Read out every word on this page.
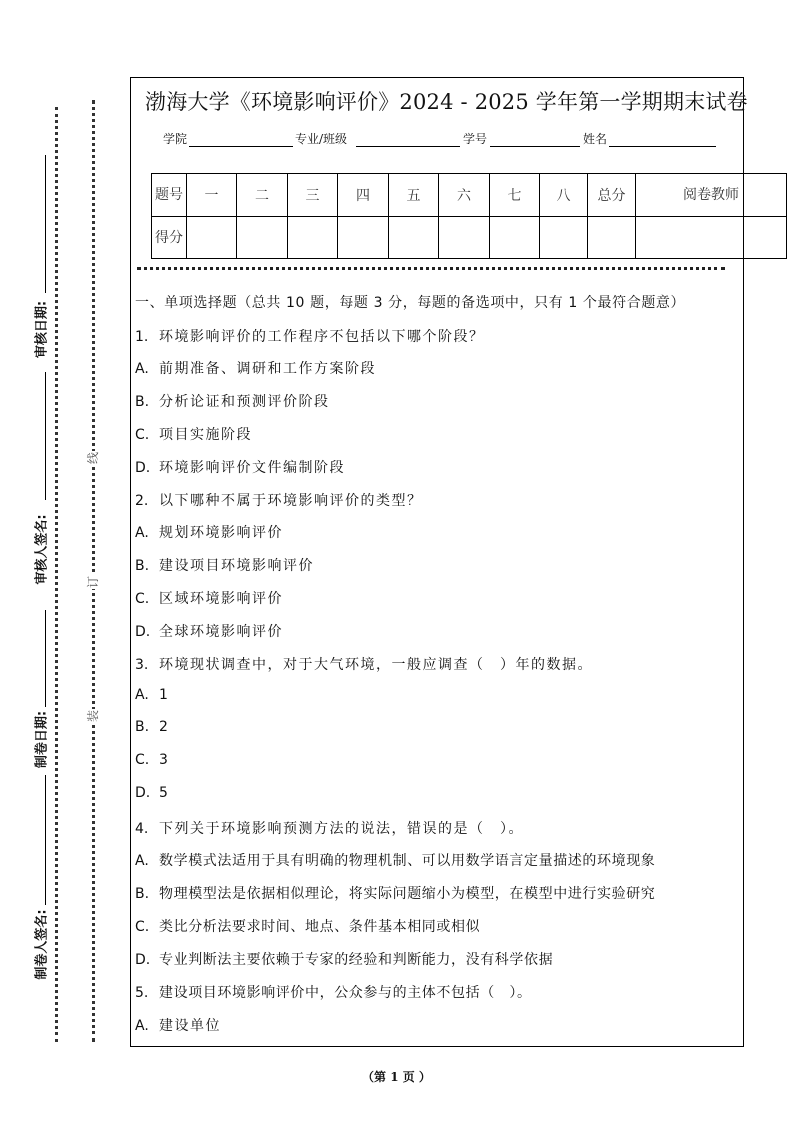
审核日期:
审核人签名:
制卷日期:
制卷人签名:
线
订
装
渤海大学《环境影响评价》2024 - 2025 学年第一学期期末试卷
学院	专业/班级	学号	姓名
题号	一	二	三	四	五	六	七	八	总分	阅卷教师
得分										
一、单项选择题（总共 10 题，每题 3 分，每题的备选项中，只有 1 个最符合题意）
1. 环境影响评价的工作程序不包括以下哪个阶段？
A. 前期准备、调研和工作方案阶段
B. 分析论证和预测评价阶段
C. 项目实施阶段
D. 环境影响评价文件编制阶段
2. 以下哪种不属于环境影响评价的类型？
A. 规划环境影响评价
B. 建设项目环境影响评价
C. 区域环境影响评价
D. 全球环境影响评价
3. 环境现状调查中，对于大气环境，一般应调查（　）年的数据。
A. 1
B. 2
C. 3
D. 5
4. 下列关于环境影响预测方法的说法，错误的是（　）。
A. 数学模式法适用于具有明确的物理机制、可以用数学语言定量描述的环境现象
B. 物理模型法是依据相似理论，将实际问题缩小为模型，在模型中进行实验研究
C. 类比分析法要求时间、地点、条件基本相同或相似
D. 专业判断法主要依赖于专家的经验和判断能力，没有科学依据
5. 建设项目环境影响评价中，公众参与的主体不包括（　）。
A. 建设单位
（第 1 页 ）
